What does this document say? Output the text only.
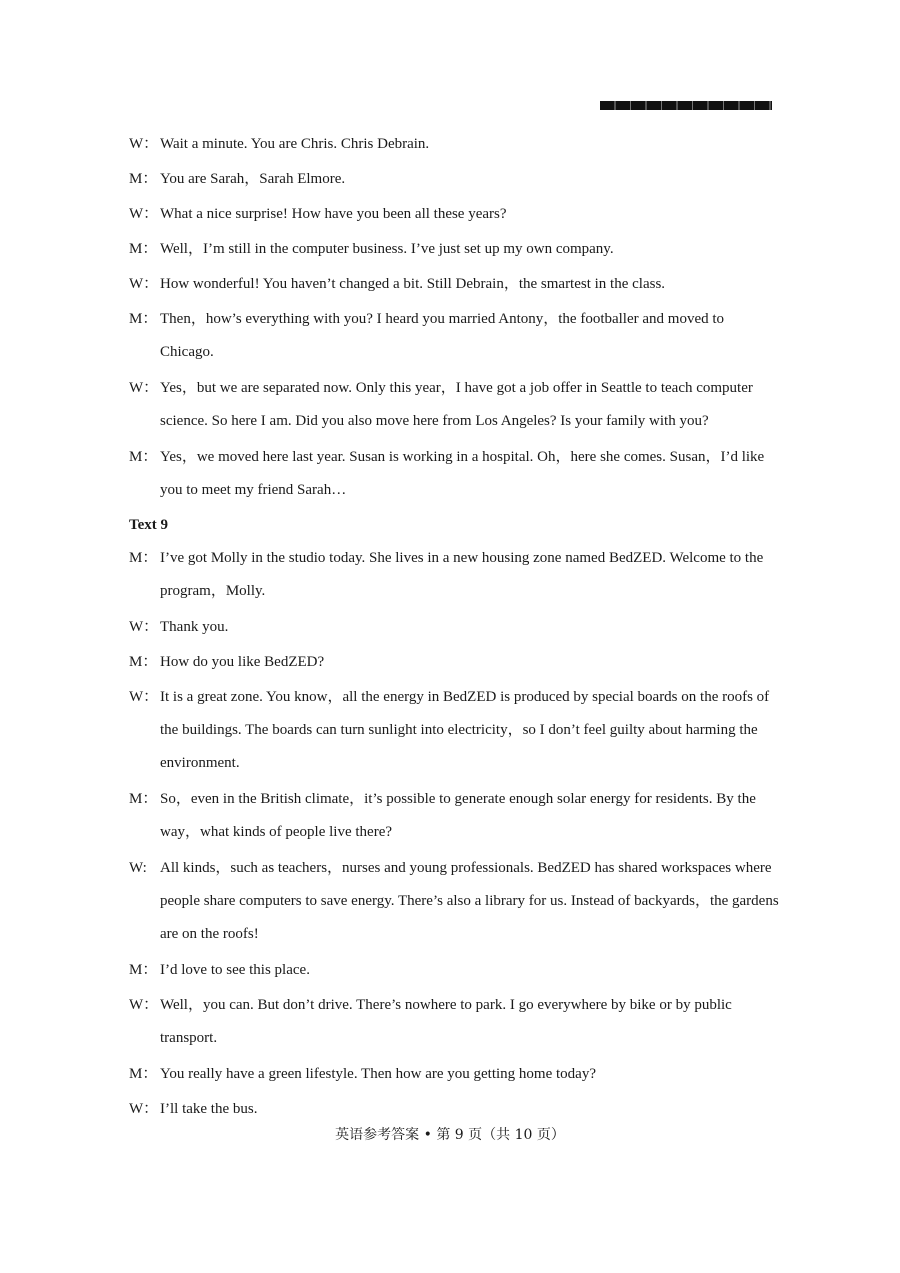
W： Wait a minute. You are Chris. Chris Debrain.
M： You are Sarah，Sarah Elmore.
W： What a nice surprise! How have you been all these years?
M： Well，I’m still in the computer business. I’ve just set up my own company.
W： How wonderful! You haven’t changed a bit. Still Debrain，the smartest in the class.
M： Then，how’s everything with you? I heard you married Antony，the footballer and moved to Chicago.
W： Yes，but we are separated now. Only this year，I have got a job offer in Seattle to teach computer science. So here I am. Did you also move here from Los Angeles? Is your family with you?
M： Yes，we moved here last year. Susan is working in a hospital. Oh，here she comes. Susan，I’d like you to meet my friend Sarah…
Text 9
M： I’ve got Molly in the studio today. She lives in a new housing zone named BedZED. Welcome to the program，Molly.
W： Thank you.
M： How do you like BedZED?
W： It is a great zone. You know，all the energy in BedZED is produced by special boards on the roofs of the buildings. The boards can turn sunlight into electricity，so I don’t feel guilty about harming the environment.
M： So，even in the British climate，it’s possible to generate enough solar energy for residents. By the way，what kinds of people live there?
W: All kinds，such as teachers，nurses and young professionals. BedZED has shared workspaces where people share computers to save energy. There’s also a library for us. Instead of backyards，the gardens are on the roofs!
M： I’d love to see this place.
W： Well，you can. But don’t drive. There’s nowhere to park. I go everywhere by bike or by public transport.
M： You really have a green lifestyle. Then how are you getting home today?
W： I’ll take the bus.
英语参考答案 • 第 9 页（共 10 页）
